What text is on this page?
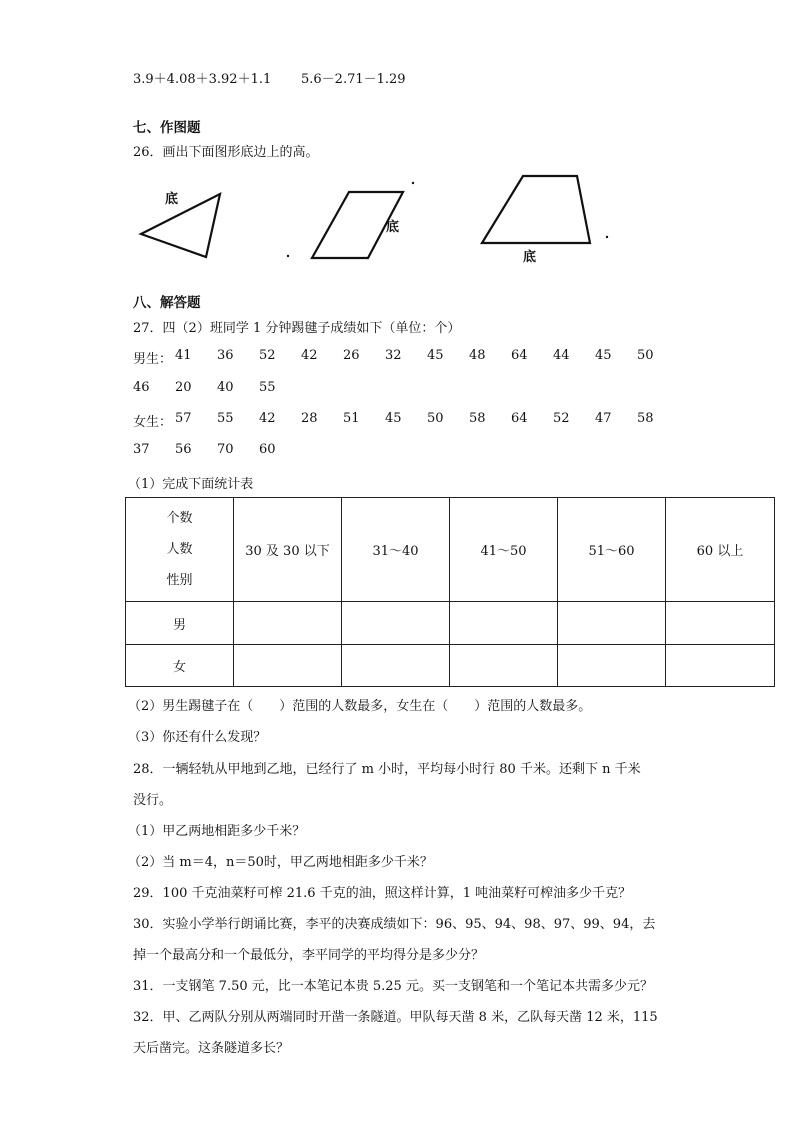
3.9＋4.08＋3.92＋1.1 5.6－2.71－1.29
七、作图题
26．画出下面图形底边上的高。
底
底
底
八、解答题
27．四（2）班同学 1 分钟踢毽子成绩如下（单位：个）
男生： 41 36 52 42 26 32 45 48 64 44 45 50
46 20 40 55
女生： 57 55 42 28 51 45 50 58 64 52 47 58
37 56 70 60
（1）完成下面统计表
个数
人数
性别	30 及 30 以下	31～40	41～50	51～60	60 以上
男					
女					
（2）男生踢毽子在（　　）范围的人数最多，女生在（　　）范围的人数最多。
（3）你还有什么发现？
28．一辆轻轨从甲地到乙地，已经行了 m 小时，平均每小时行 80 千米。还剩下 n 千米
没行。
（1）甲乙两地相距多少千米？
（2）当 m＝4，n＝50时，甲乙两地相距多少千米？
29．100 千克油菜籽可榨 21.6 千克的油，照这样计算，1 吨油菜籽可榨油多少千克？
30．实验小学举行朗诵比赛，李平的决赛成绩如下：96、95、94、98、97、99、94，去
掉一个最高分和一个最低分，李平同学的平均得分是多少分？
31．一支钢笔 7.50 元，比一本笔记本贵 5.25 元。买一支钢笔和一个笔记本共需多少元？
32．甲、乙两队分别从两端同时开凿一条隧道。甲队每天凿 8 米，乙队每天凿 12 米，115
天后凿完。这条隧道多长？
